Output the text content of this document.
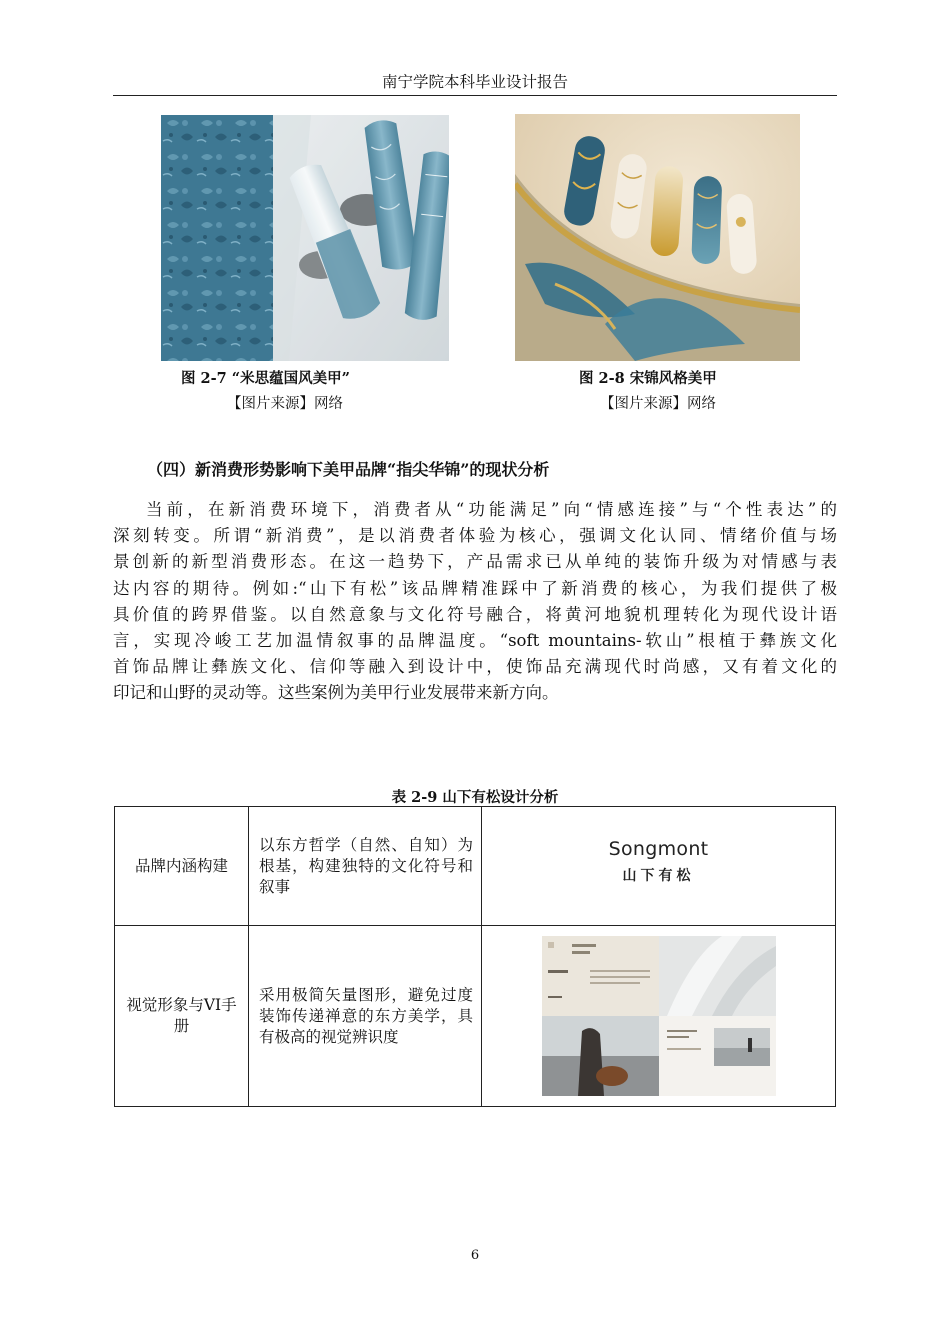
南宁学院本科毕业设计报告
图 2-7 “米思蕴国风美甲”
【图片来源】网络
图 2-8 宋锦风格美甲
【图片来源】网络
（四）新消费形势影响下美甲品牌“指尖华锦”的现状分析
当前，在新消费环境下，消费者从“功能满足”向“情感连接”与“个性表达”的
深刻转变。所谓“新消费”，是以消费者体验为核心，强调文化认同、情绪价值与场
景创新的新型消费形态。在这一趋势下，产品需求已从单纯的装饰升级为对情感与表
达内容的期待。例如:“山下有松”该品牌精准踩中了新消费的核心，为我们提供了极
具价值的跨界借鉴。以自然意象与文化符号融合，将黄河地貌机理转化为现代设计语
言，实现冷峻工艺加温情叙事的品牌温度。“soft mountains-软山”根植于彝族文化
首饰品牌让彝族文化、信仰等融入到设计中，使饰品充满现代时尚感，又有着文化的
印记和山野的灵动等。这些案例为美甲行业发展带来新方向。
表 2-9 山下有松设计分析
品牌内涵构建	以东方哲学（自然、自知）为根基，构建独特的文化符号和叙事	Songmont
山下有松

视觉形象与VI手册	采用极简矢量图形，避免过度装饰传递禅意的东方美学，具有极高的视觉辨识度	
6
